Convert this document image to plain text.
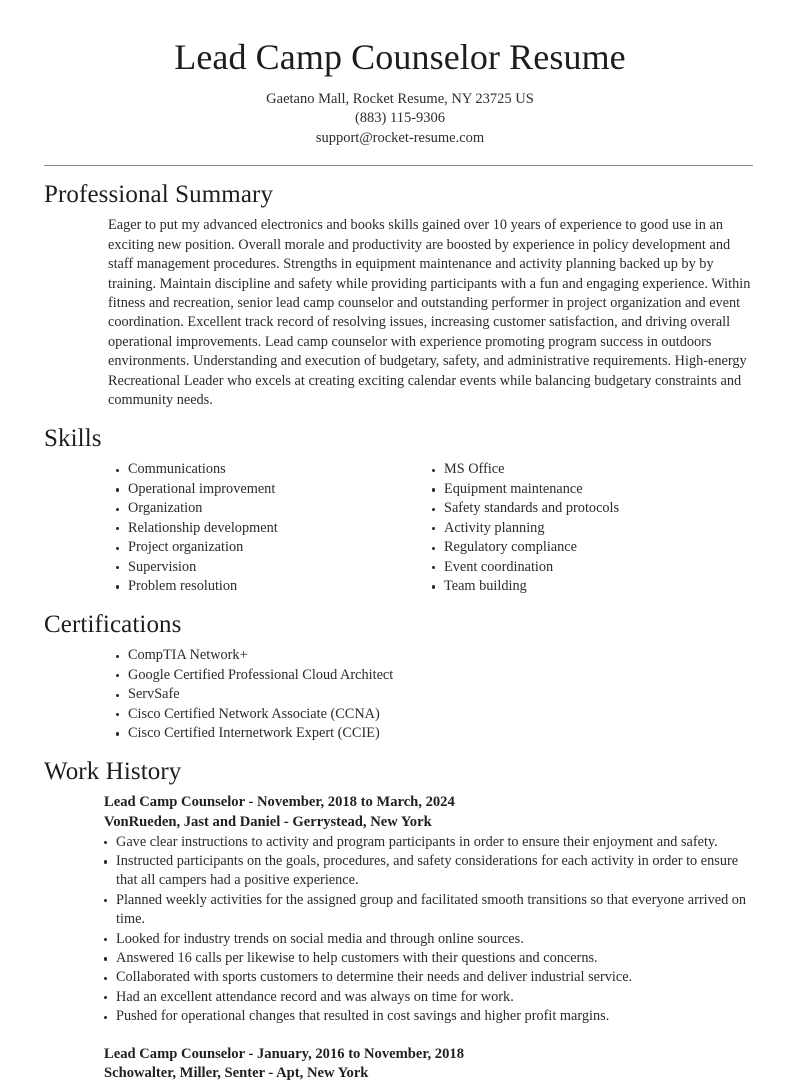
Lead Camp Counselor Resume
Gaetano Mall, Rocket Resume, NY 23725 US
(883) 115-9306
support@rocket-resume.com
Professional Summary

Eager to put my advanced electronics and books skills gained over 10 years of experience to good use in an exciting new position. Overall morale and productivity are boosted by experience in policy development and staff management procedures. Strengths in equipment maintenance and activity planning backed up by by training. Maintain discipline and safety while providing participants with a fun and engaging experience. Within fitness and recreation, senior lead camp counselor and outstanding performer in project organization and event coordination. Excellent track record of resolving issues, increasing customer satisfaction, and driving overall operational improvements. Lead camp counselor with experience promoting program success in outdoors environments. Understanding and execution of budgetary, safety, and administrative requirements. High-energy Recreational Leader who excels at creating exciting calendar events while balancing budgetary constraints and community needs.

Skills
Communications
Operational improvement
Organization
Relationship development
Project organization
Supervision
Problem resolution
MS Office
Equipment maintenance
Safety standards and protocols
Activity planning
Regulatory compliance
Event coordination
Team building
Certifications
CompTIA Network+
Google Certified Professional Cloud Architect
ServSafe
Cisco Certified Network Associate (CCNA)
Cisco Certified Internetwork Expert (CCIE)
Work History
Lead Camp Counselor - November, 2018 to March, 2024
VonRueden, Jast and Daniel - Gerrystead, New York
Gave clear instructions to activity and program participants in order to ensure their enjoyment and safety.
Instructed participants on the goals, procedures, and safety considerations for each activity in order to ensure that all campers had a positive experience.
Planned weekly activities for the assigned group and facilitated smooth transitions so that everyone arrived on time.
Looked for industry trends on social media and through online sources.
Answered 16 calls per likewise to help customers with their questions and concerns.
Collaborated with sports customers to determine their needs and deliver industrial service.
Had an excellent attendance record and was always on time for work.
Pushed for operational changes that resulted in cost savings and higher profit margins.
Lead Camp Counselor - January, 2016 to November, 2018
Schowalter, Miller, Senter - Apt, New York
